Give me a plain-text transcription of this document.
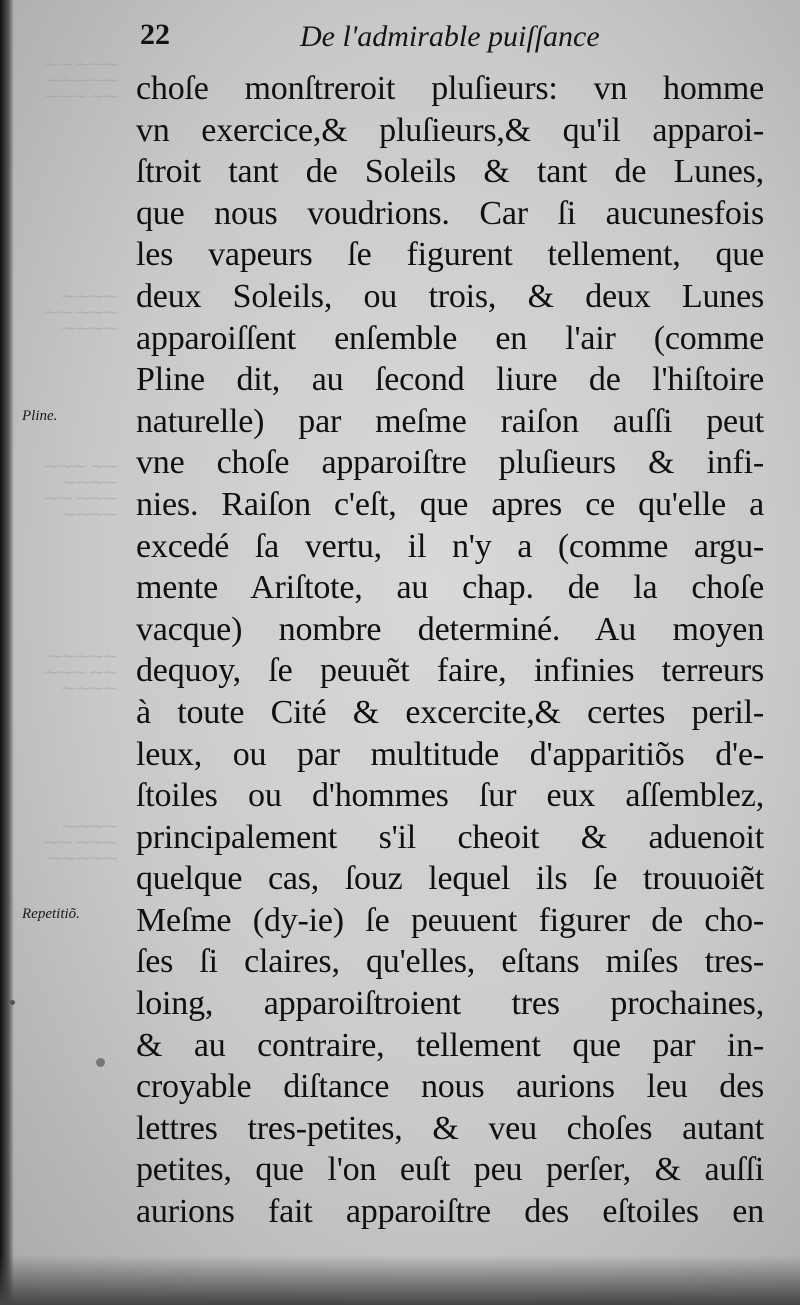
⁓⁓ ⁓⁓⁓
⁓⁓⁓⁓⁓
⁓⁓⁓ ⁓⁓
⁓⁓⁓⁓
⁓⁓ ⁓⁓⁓
⁓⁓⁓⁓
⁓⁓⁓ ⁓⁓
⁓⁓⁓⁓
⁓⁓ ⁓⁓⁓
⁓⁓⁓⁓
⁓⁓⁓⁓⁓
⁓⁓⁓ ⁓⁓
⁓⁓⁓⁓
⁓⁓⁓⁓
⁓⁓ ⁓⁓⁓
⁓⁓⁓⁓⁓
22	De l'admirable puiſſance
Pline.
Repetitiõ.
choſe monſtreroit pluſieurs: vn homme
vn exercice,& pluſieurs,& qu'il apparoi-
ſtroit tant de Soleils & tant de Lunes,
que nous voudrions. Car ſi aucunesfois
les vapeurs ſe figurent tellement, que
deux Soleils, ou trois, & deux Lunes
apparoiſſent enſemble en l'air (comme
Pline dit, au ſecond liure de l'hiſtoire
naturelle) par meſme raiſon auſſi peut
vne choſe apparoiſtre pluſieurs & infi-
nies. Raiſon c'eſt, que apres ce qu'elle a
excedé ſa vertu, il n'y a (comme argu-
mente Ariſtote, au chap. de la choſe
vacque) nombre determiné. Au moyen
dequoy, ſe peuuẽt faire, infinies terreurs
à toute Cité & excercite,& certes peril-
leux, ou par multitude d'apparitiõs d'e-
ſtoiles ou d'hommes ſur eux aſſemblez,
principalement s'il cheoit & aduenoit
quelque cas, ſouz lequel ils ſe trouuoiẽt
Meſme (dy-ie) ſe peuuent figurer de cho-
ſes ſi claires, qu'elles, eſtans miſes tres-
loing, apparoiſtroient tres prochaines,
& au contraire, tellement que par in-
croyable diſtance nous aurions leu des
lettres tres-petites, & veu choſes autant
petites, que l'on euſt peu perſer, & auſſi
aurions fait apparoiſtre des eſtoiles en
